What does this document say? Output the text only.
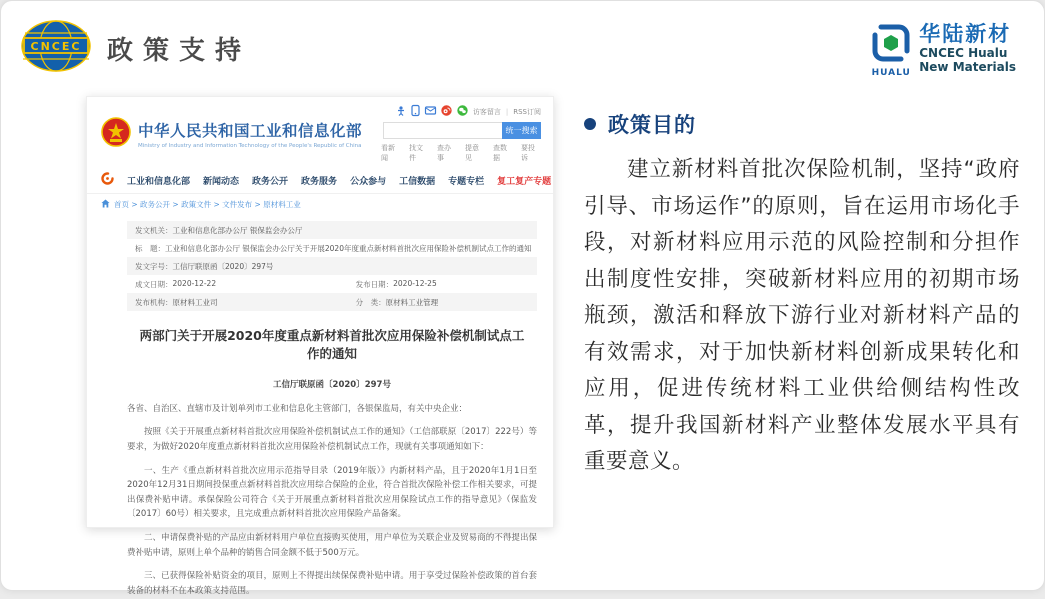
CNCEC 政策支持
HUALU
华陆新材
CNCEC Hualu
New Materials
中华人民共和国工业和信息化部
Ministry of Industry and Information Technology of the People's Republic of China
访客留言 | RSS订阅
统一搜索
看新闻
找文件
查办事
提意见
查数据
要投诉
工业和信息化部 新闻动态 政务公开 政务服务 公众参与 工信数据 专题专栏 复工复产专题
首页 > 政务公开 > 政策文件 > 文件发布 > 原材料工业
发文机关： 工业和信息化部办公厅 银保监会办公厅
标　题： 工业和信息化部办公厅 银保监会办公厅关于开展2020年度重点新材料首批次应用保险补偿机制试点工作的通知
发文字号： 工信厅联原函〔2020〕297号
成文日期： 2020-12-22	发布日期： 2020-12-25
发布机构： 原材料工业司	分　类： 原材料工业管理
两部门关于开展2020年度重点新材料首批次应用保险补偿机制试点工作的通知
工信厅联原函〔2020〕297号
各省、自治区、直辖市及计划单列市工业和信息化主管部门，各银保监局，有关中央企业：

按照《关于开展重点新材料首批次应用保险补偿机制试点工作的通知》（工信部联原〔2017〕222号）等要求，为做好2020年度重点新材料首批次应用保险补偿机制试点工作，现就有关事项通知如下：

一、生产《重点新材料首批次应用示范指导目录（2019年版）》内新材料产品，且于2020年1月1日至2020年12月31日期间投保重点新材料首批次应用综合保险的企业，符合首批次保险补偿工作相关要求，可提出保费补贴申请。承保保险公司符合《关于开展重点新材料首批次应用保险试点工作的指导意见》（保监发〔2017〕60号）相关要求，且完成重点新材料首批次应用保险产品备案。

二、申请保费补贴的产品应由新材料用户单位直接购买使用，用户单位为关联企业及贸易商的不得提出保费补贴申请，原则上单个品种的销售合同金额不低于500万元。

三、已获得保险补贴资金的项目，原则上不得提出续保保费补贴申请。用于享受过保险补偿政策的首台套装备的材料不在本政策支持范围。

政策目的

建立新材料首批次保险机制，坚持“政府引导、市场运作”的原则，旨在运用市场化手段，对新材料应用示范的风险控制和分担作出制度性安排，突破新材料应用的初期市场瓶颈，激活和释放下游行业对新材料产品的有效需求，对于加快新材料创新成果转化和应用，促进传统材料工业供给侧结构性改革，提升我国新材料产业整体发展水平具有重要意义。
